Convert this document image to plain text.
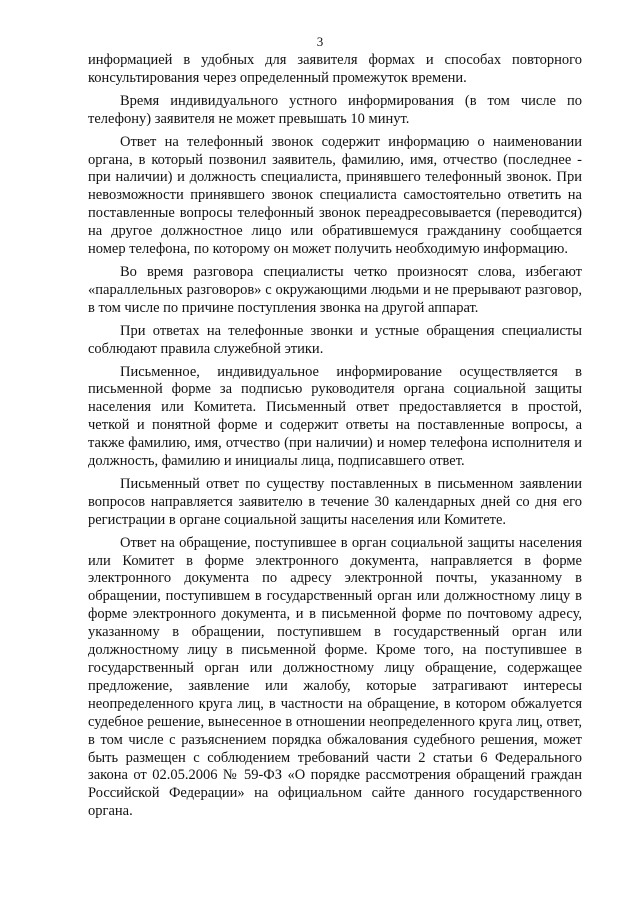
3

информацией в удобных для заявителя формах и способах повторного консультирования через определенный промежуток времени.

Время индивидуального устного информирования (в том числе по телефону) заявителя не может превышать 10 минут.

Ответ на телефонный звонок содержит информацию о наименовании органа, в который позвонил заявитель, фамилию, имя, отчество (последнее - при наличии) и должность специалиста, принявшего телефонный звонок. При невозможности принявшего звонок специалиста самостоятельно ответить на поставленные вопросы телефонный звонок переадресовывается (переводится) на другое должностное лицо или обратившемуся гражданину сообщается номер телефона, по которому он может получить необходимую информацию.

Во время разговора специалисты четко произносят слова, избегают «параллельных разговоров» с окружающими людьми и не прерывают разговор, в том числе по причине поступления звонка на другой аппарат.

При ответах на телефонные звонки и устные обращения специалисты соблюдают правила служебной этики.

Письменное, индивидуальное информирование осуществляется в письменной форме за подписью руководителя органа социальной защиты населения или Комитета. Письменный ответ предоставляется в простой, четкой и понятной форме и содержит ответы на поставленные вопросы, а также фамилию, имя, отчество (при наличии) и номер телефона исполнителя и должность, фамилию и инициалы лица, подписавшего ответ.

Письменный ответ по существу поставленных в письменном заявлении вопросов направляется заявителю в течение 30 календарных дней со дня его регистрации в органе социальной защиты населения или Комитете.

Ответ на обращение, поступившее в орган социальной защиты населения или Комитет в форме электронного документа, направляется в форме электронного документа по адресу электронной почты, указанному в обращении, поступившем в государственный орган или должностному лицу в форме электронного документа, и в письменной форме по почтовому адресу, указанному в обращении, поступившем в государственный орган или должностному лицу в письменной форме. Кроме того, на поступившее в государственный орган или должностному лицу обращение, содержащее предложение, заявление или жалобу, которые затрагивают интересы неопределенного круга лиц, в частности на обращение, в котором обжалуется судебное решение, вынесенное в отношении неопределенного круга лиц, ответ, в том числе с разъяснением порядка обжалования судебного решения, может быть размещен с соблюдением требований части 2 статьи 6 Федерального закона от 02.05.2006 № 59-ФЗ «О порядке рассмотрения обращений граждан Российской Федерации» на официальном сайте данного государственного органа.
